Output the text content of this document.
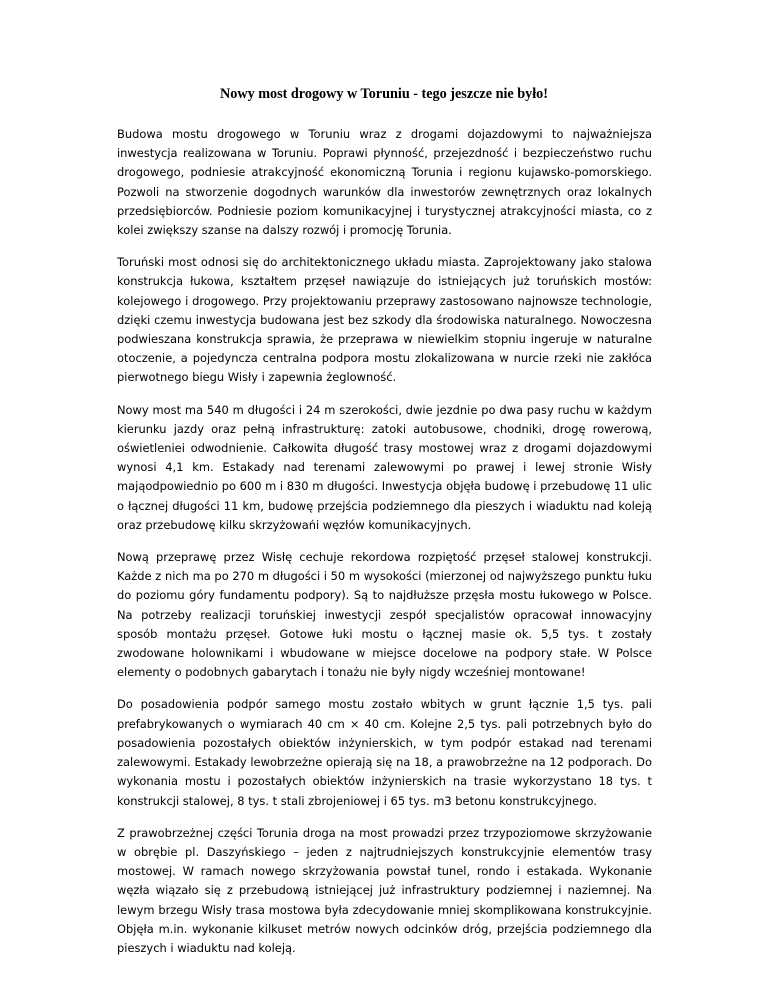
Nowy most drogowy w Toruniu - tego jeszcze nie było!

Budowa mostu drogowego w Toruniu wraz z drogami dojazdowymi to najważniejsza inwestycja realizowana w Toruniu. Poprawi płynność, przejezdność i bezpieczeństwo ruchu drogowego, podniesie atrakcyjność ekonomiczną Torunia i regionu kujawsko-pomorskiego. Pozwoli na stworzenie dogodnych warunków dla inwestorów zewnętrznych oraz lokalnych przedsiębiorców. Podniesie poziom komunikacyjnej i turystycznej atrakcyjności miasta, co z kolei zwiększy szanse na dalszy rozwój i promocję Torunia.

Toruński most odnosi się do architektonicznego układu miasta. Zaprojektowany jako stalowa konstrukcja łukowa, kształtem przęseł nawiązuje do istniejących już toruńskich mostów: kolejowego i drogowego. Przy projektowaniu przeprawy zastosowano najnowsze technologie, dzięki czemu inwestycja budowana jest bez szkody dla środowiska naturalnego. Nowoczesna podwieszana konstrukcja sprawia, że przeprawa w niewielkim stopniu ingeruje w naturalne otoczenie, a pojedyncza centralna podpora mostu zlokalizowana w nurcie rzeki nie zakłóca pierwotnego biegu Wisły i zapewnia żeglowność.

Nowy most ma 540 m długości i 24 m szerokości, dwie jezdnie po dwa pasy ruchu w każdym kierunku jazdy oraz pełną infrastrukturę: zatoki autobusowe, chodniki, drogę rowerową, oświetleniei odwodnienie. Całkowita długość trasy mostowej wraz z drogami dojazdowymi wynosi 4,1 km. Estakady nad terenami zalewowymi po prawej i lewej stronie Wisły mająodpowiednio po 600 m i 830 m długości. Inwestycja objęła budowę i przebudowę 11 ulic o łącznej długości 11 km, budowę przejścia podziemnego dla pieszych i wiaduktu nad koleją oraz przebudowę kilku skrzyżowańi węzłów komunikacyjnych.

Nową przeprawę przez Wisłę cechuje rekordowa rozpiętość przęseł stalowej konstrukcji. Każde z nich ma po 270 m długości i 50 m wysokości (mierzonej od najwyższego punktu łuku do poziomu góry fundamentu podpory). Są to najdłuższe przęsła mostu łukowego w Polsce. Na potrzeby realizacji toruńskiej inwestycji zespół specjalistów opracował innowacyjny sposób montażu przęseł. Gotowe łuki mostu o łącznej masie ok. 5,5 tys. t zostały zwodowane holownikami i wbudowane w miejsce docelowe na podpory stałe. W Polsce elementy o podobnych gabarytach i tonażu nie były nigdy wcześniej montowane!

Do posadowienia podpór samego mostu zostało wbitych w grunt łącznie 1,5 tys. pali prefabrykowanych o wymiarach 40 cm × 40 cm. Kolejne 2,5 tys. pali potrzebnych było do posadowienia pozostałych obiektów inżynierskich, w tym podpór estakad nad terenami zalewowymi. Estakady lewobrzeżne opierają się na 18, a prawobrzeżne na 12 podporach. Do wykonania mostu i pozostałych obiektów inżynierskich na trasie wykorzystano 18 tys. t konstrukcji stalowej, 8 tys. t stali zbrojeniowej i 65 tys. m3 betonu konstrukcyjnego.

Z prawobrzeżnej części Torunia droga na most prowadzi przez trzypoziomowe skrzyżowanie w obrębie pl. Daszyńskiego – jeden z najtrudniejszych konstrukcyjnie elementów trasy mostowej. W ramach nowego skrzyżowania powstał tunel, rondo i estakada. Wykonanie węzła wiązało się z przebudową istniejącej już infrastruktury podziemnej i naziemnej. Na lewym brzegu Wisły trasa mostowa była zdecydowanie mniej skomplikowana konstrukcyjnie. Objęła m.in. wykonanie kilkuset metrów nowych odcinków dróg, przejścia podziemnego dla pieszych i wiaduktu nad koleją.
